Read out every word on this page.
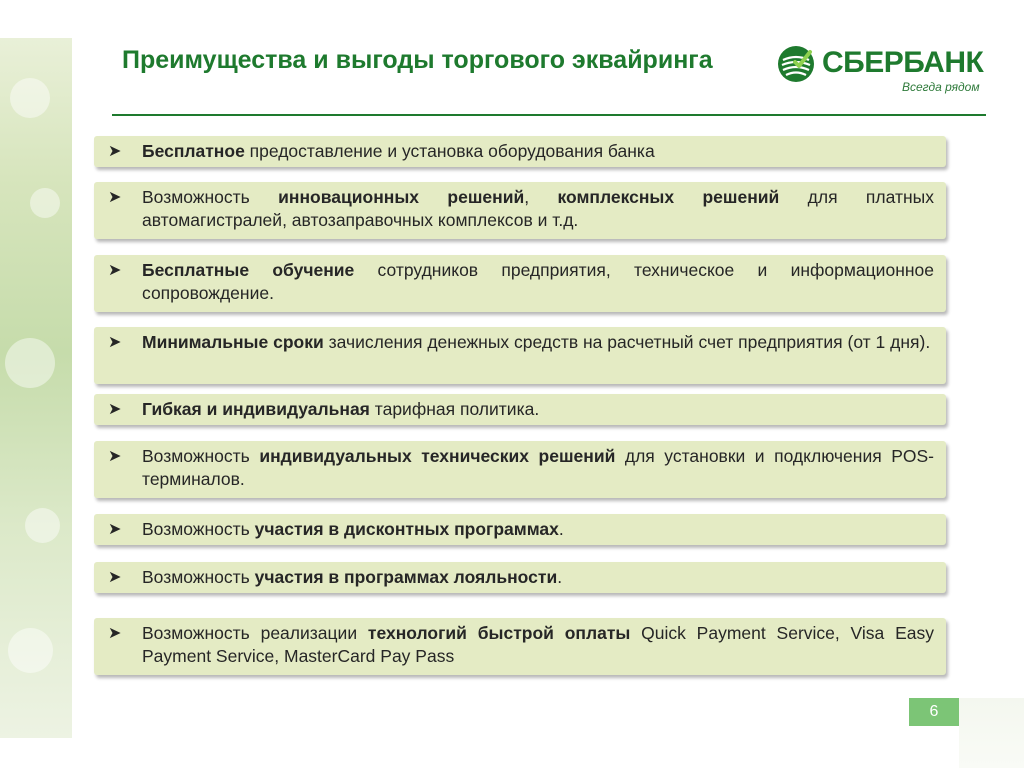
Преимущества и выгоды торгового эквайринга	СБЕРБАНК
Всегда рядом
➤ Бесплатное предоставление и установка оборудования банка
➤ Возможность инновационных решений, комплексных решений для платных автомагистралей, автозаправочных комплексов и т.д.
➤ Бесплатные обучение сотрудников предприятия, техническое и информационное сопровождение.
➤ Минимальные сроки зачисления денежных средств на расчетный счет предприятия (от 1 дня).
➤ Гибкая и индивидуальная тарифная политика.
➤ Возможность индивидуальных технических решений для установки и подключения POS-терминалов.
➤ Возможность участия в дисконтных программах.
➤ Возможность участия в программах лояльности.
➤ Возможность реализации технологий быстрой оплаты Quick Payment Service, Visa Easy Payment Service, MasterCard Pay Pass
6
